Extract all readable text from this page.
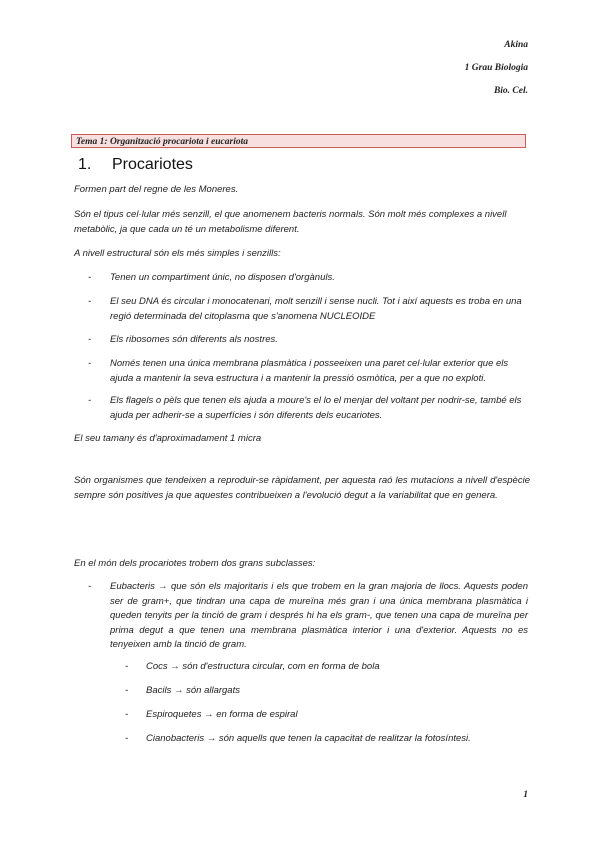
Akina
1 Grau Biologia
Bio. Cel.
Tema 1: Organització procariota i eucariota
1. Procariotes
Formen part del regne de les Moneres.
Són el tipus cel·lular més senzill, el que anomenem bacteris normals. Són molt més complexes a nivell metabòlic, ja que cada un té un metabolisme diferent.
A nivell estructural són els més simples i senzills:
- Tenen un compartiment únic, no disposen d'orgànuls.
- El seu DNA és circular i monocatenari, molt senzill i sense nucli. Tot i així aquests es troba en una regió determinada del citoplasma que s'anomena NUCLEOIDE
- Els ribosomes són diferents als nostres.
- Només tenen una única membrana plasmàtica i posseeixen una paret cel·lular exterior que els ajuda a mantenir la seva estructura i a mantenir la pressió osmòtica, per a que no exploti.
- Els flagels o pèls que tenen els ajuda a moure's el lo el menjar del voltant per nodrir-se, també els ajuda per adherir-se a superfícies i són diferents dels eucariotes.
El seu tamany és d'aproximadament 1 micra
Són organismes que tendeixen a reproduir-se ràpidament, per aquesta raó les mutacions a nivell d'espècie sempre són positives ja que aquestes contribueixen a l'evolució degut a la variabilitat que en genera.
En el món dels procariotes trobem dos grans subclasses:
- Eubacteris → que són els majoritaris i els que trobem en la gran majoria de llocs. Aquests poden ser de gram+, que tindran una capa de mureïna més gran i una única membrana plasmàtica i queden tenyits per la tinció de gram i després hi ha els gram-, que tenen una capa de mureïna per prima degut a que tenen una membrana plasmàtica interior i una d'exterior. Aquests no es tenyeixen amb la tinció de gram.
- Cocs → són d'estructura circular, com en forma de bola
- Bacils → són allargats
- Espiroquetes → en forma de espiral
- Cianobacteris → són aquells que tenen la capacitat de realitzar la fotosíntesi.
1
